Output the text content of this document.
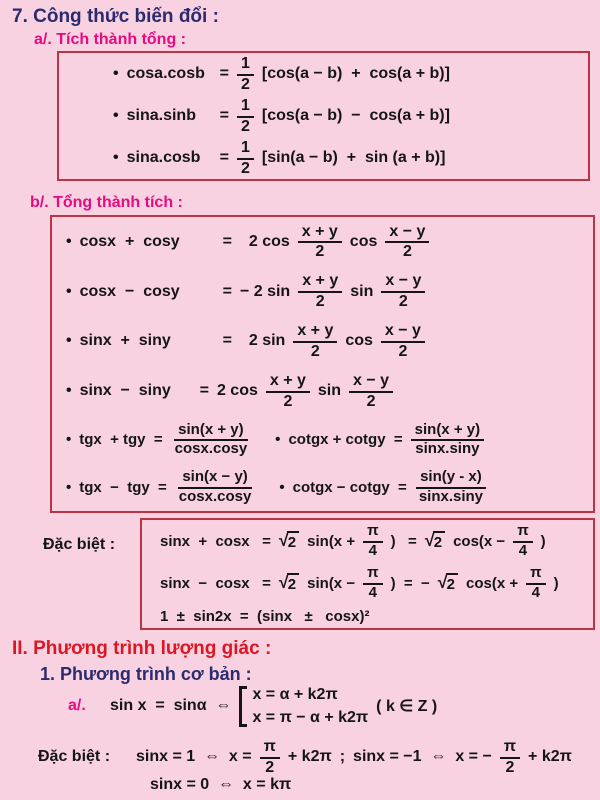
7. Công thức biến đổi :
a/. Tích thành tổng :
• $\cos a.\cos b = \frac{1}{2} [\cos(a - b) + \cos(a + b)]$
• sina.sinb	= $\frac{1}{2} [\cos(a - b) - \cos(a + b)]$
• sina.cosb	= $\frac{1}{2} [\sin(a - b) + \sin (a + b)]$
b/. Tổng thành tích :
• cosx  +  cosy	= 2 $\cos \frac{x + y}{2}$ $\cos \frac{x - y}{2}$
• cosx  −  cosy	= − 2 $\sin \frac{x + y}{2}$ $\sin \frac{x - y}{2}$
• sinx  +  siny	= 2 $\sin \frac{x + y}{2}$ $\cos \frac{x - y}{2}$
• sinx  −  siny	= 2 $\cos \frac{x + y}{2}$ $\sin \frac{x - y}{2}$
• tgx  + tgy  = $\frac{\sin(x + y)}{\cos x.\cos y}$ • cotgx + cotgy  = $\frac{\sin(x + y)}{\sin x.\sin y}$
• tgx  −  tgy  = $\frac{\sin(x - y)}{\cos x.\cos y}$ • cotgx − cotgy  = $\frac{\sin(y - x)}{\sin x.\sin y}$
Đặc biệt :	sinx  +  cosx   = √ 2 $\sin(x + \frac{\pi}{4}$ )   = √ 2 $\cos(x - \frac{\pi}{4}$ )
sinx  −  cosx   = √ 2 $\sin(x - \frac{\pi}{4}$ )  =  − √ 2 $\cos(x + \frac{\pi}{4}$ )
1  ±  sin2x  =  (sinx   ±   cosx)²
II. Phương trình lượng giác :
1. Phương trình cơ bản :
a/.	sin x  =  sinα  ⇔
x = α + k2π
x = π − α + k2π
( k ∈ Z )
Đặc biệt :	sinx = 1  ⇔  $x = \frac{\pi}{2} + k2\pi$ ; sinx = −1  ⇔  x = − $\frac{\pi}{2} + k2\pi$
sinx = 0  ⇔  x = kπ
